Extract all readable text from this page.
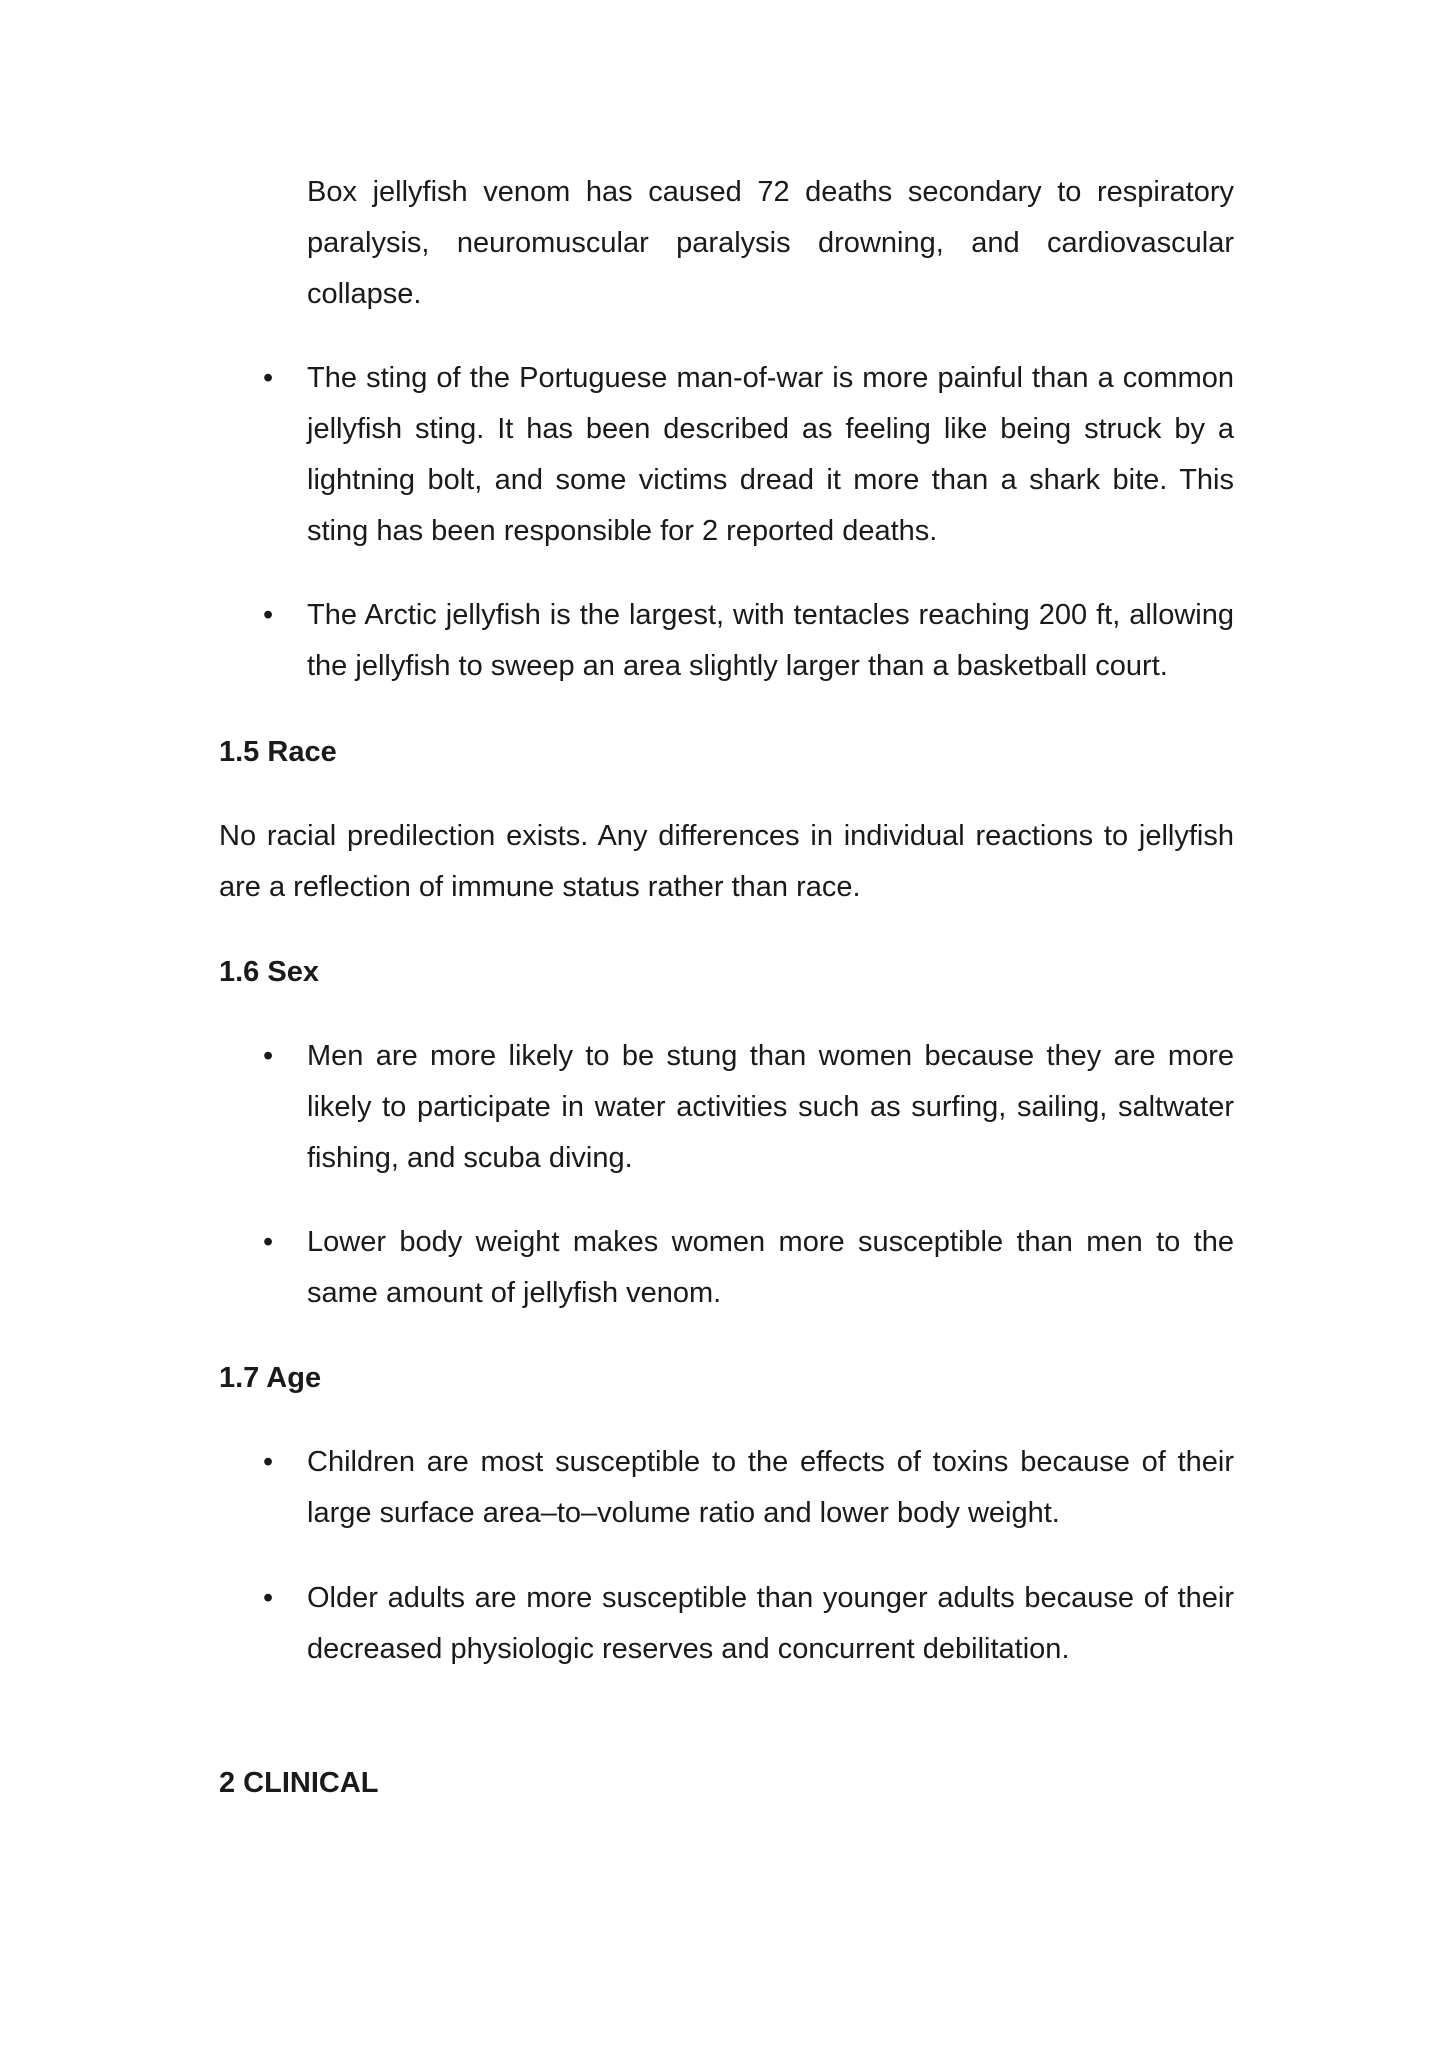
Box jellyfish venom has caused 72 deaths secondary to respiratory paralysis, neuromuscular paralysis drowning, and cardiovascular collapse.

• The sting of the Portuguese man-of-war is more painful than a common jellyfish sting. It has been described as feeling like being struck by a lightning bolt, and some victims dread it more than a shark bite. This sting has been responsible for 2 reported deaths.

• The Arctic jellyfish is the largest, with tentacles reaching 200 ft, allowing the jellyfish to sweep an area slightly larger than a basketball court.

1.5 Race

No racial predilection exists. Any differences in individual reactions to jellyfish are a reflection of immune status rather than race.

1.6 Sex
• Men are more likely to be stung than women because they are more likely to participate in water activities such as surfing, sailing, saltwater fishing, and scuba diving.

• Lower body weight makes women more susceptible than men to the same amount of jellyfish venom.

1.7 Age
• Children are most susceptible to the effects of toxins because of their large surface area–to–volume ratio and lower body weight.

• Older adults are more susceptible than younger adults because of their decreased physiologic reserves and concurrent debilitation.

2 CLINICAL
